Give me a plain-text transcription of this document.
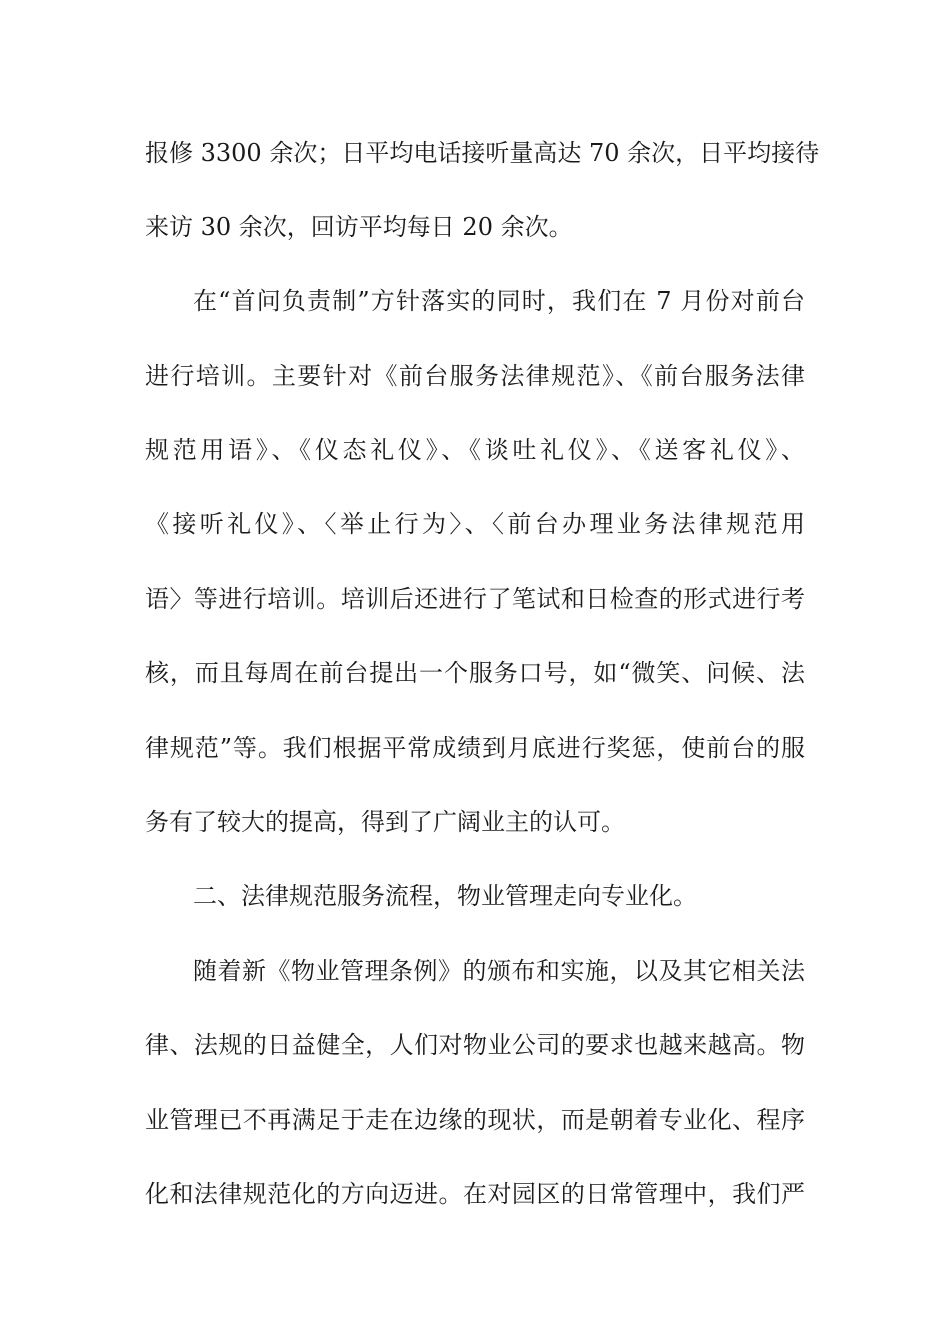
报修 3300 余次；日平均电话接听量高达 70 余次，日平均接待

来访 30 余次，回访平均每日 20 余次。

在“首问负责制”方针落实的同时，我们在 7 月份对前台

进行培训。主要针对《前台服务法律规范》、《前台服务法律

规范用语》、《仪态礼仪》、《谈吐礼仪》、《送客礼仪》、

《接听礼仪》、〈举止行为〉、〈前台办理业务法律规范用

语〉等进行培训。培训后还进行了笔试和日检查的形式进行考

核，而且每周在前台提出一个服务口号，如“微笑、问候、法

律规范”等。我们根据平常成绩到月底进行奖惩，使前台的服

务有了较大的提高，得到了广阔业主的认可。

二、法律规范服务流程，物业管理走向专业化。

随着新《物业管理条例》的颁布和实施，以及其它相关法

律、法规的日益健全，人们对物业公司的要求也越来越高。物

业管理已不再满足于走在边缘的现状，而是朝着专业化、程序

化和法律规范化的方向迈进。在对园区的日常管理中，我们严
